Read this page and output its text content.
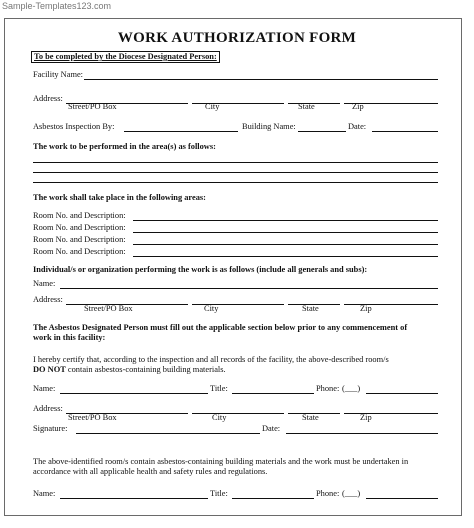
Sample-Templates123.com
WORK AUTHORIZATION FORM
To be completed by the Diocese Designated Person:
Facility Name:
Address:
Street/PO Box	City	State	Zip
Asbestos Inspection By:	Building Name:	Date:
The work to be performed in the area(s) as follows:
The work shall take place in the following areas:
Room No. and Description:
Room No. and Description:
Room No. and Description:
Room No. and Description:
Individual/s or organization performing the work is as follows (include all generals and subs):
Name:
Address:
Street/PO Box	City	State	Zip
The Asbestos Designated Person must fill out the applicable section below prior to any commencement of
work in this facility:
I hereby certify that, according to the inspection and all records of the facility, the above-described room/s
DO NOT contain asbestos-containing building materials.
Name:	Title:	Phone: (___)
Address:
Street/PO Box	City	State	Zip
Signature:	Date:
The above-identified room/s contain asbestos-containing building materials and the work must be undertaken in
accordance with all applicable health and safety rules and regulations.
Name:	Title:	Phone: (___)
